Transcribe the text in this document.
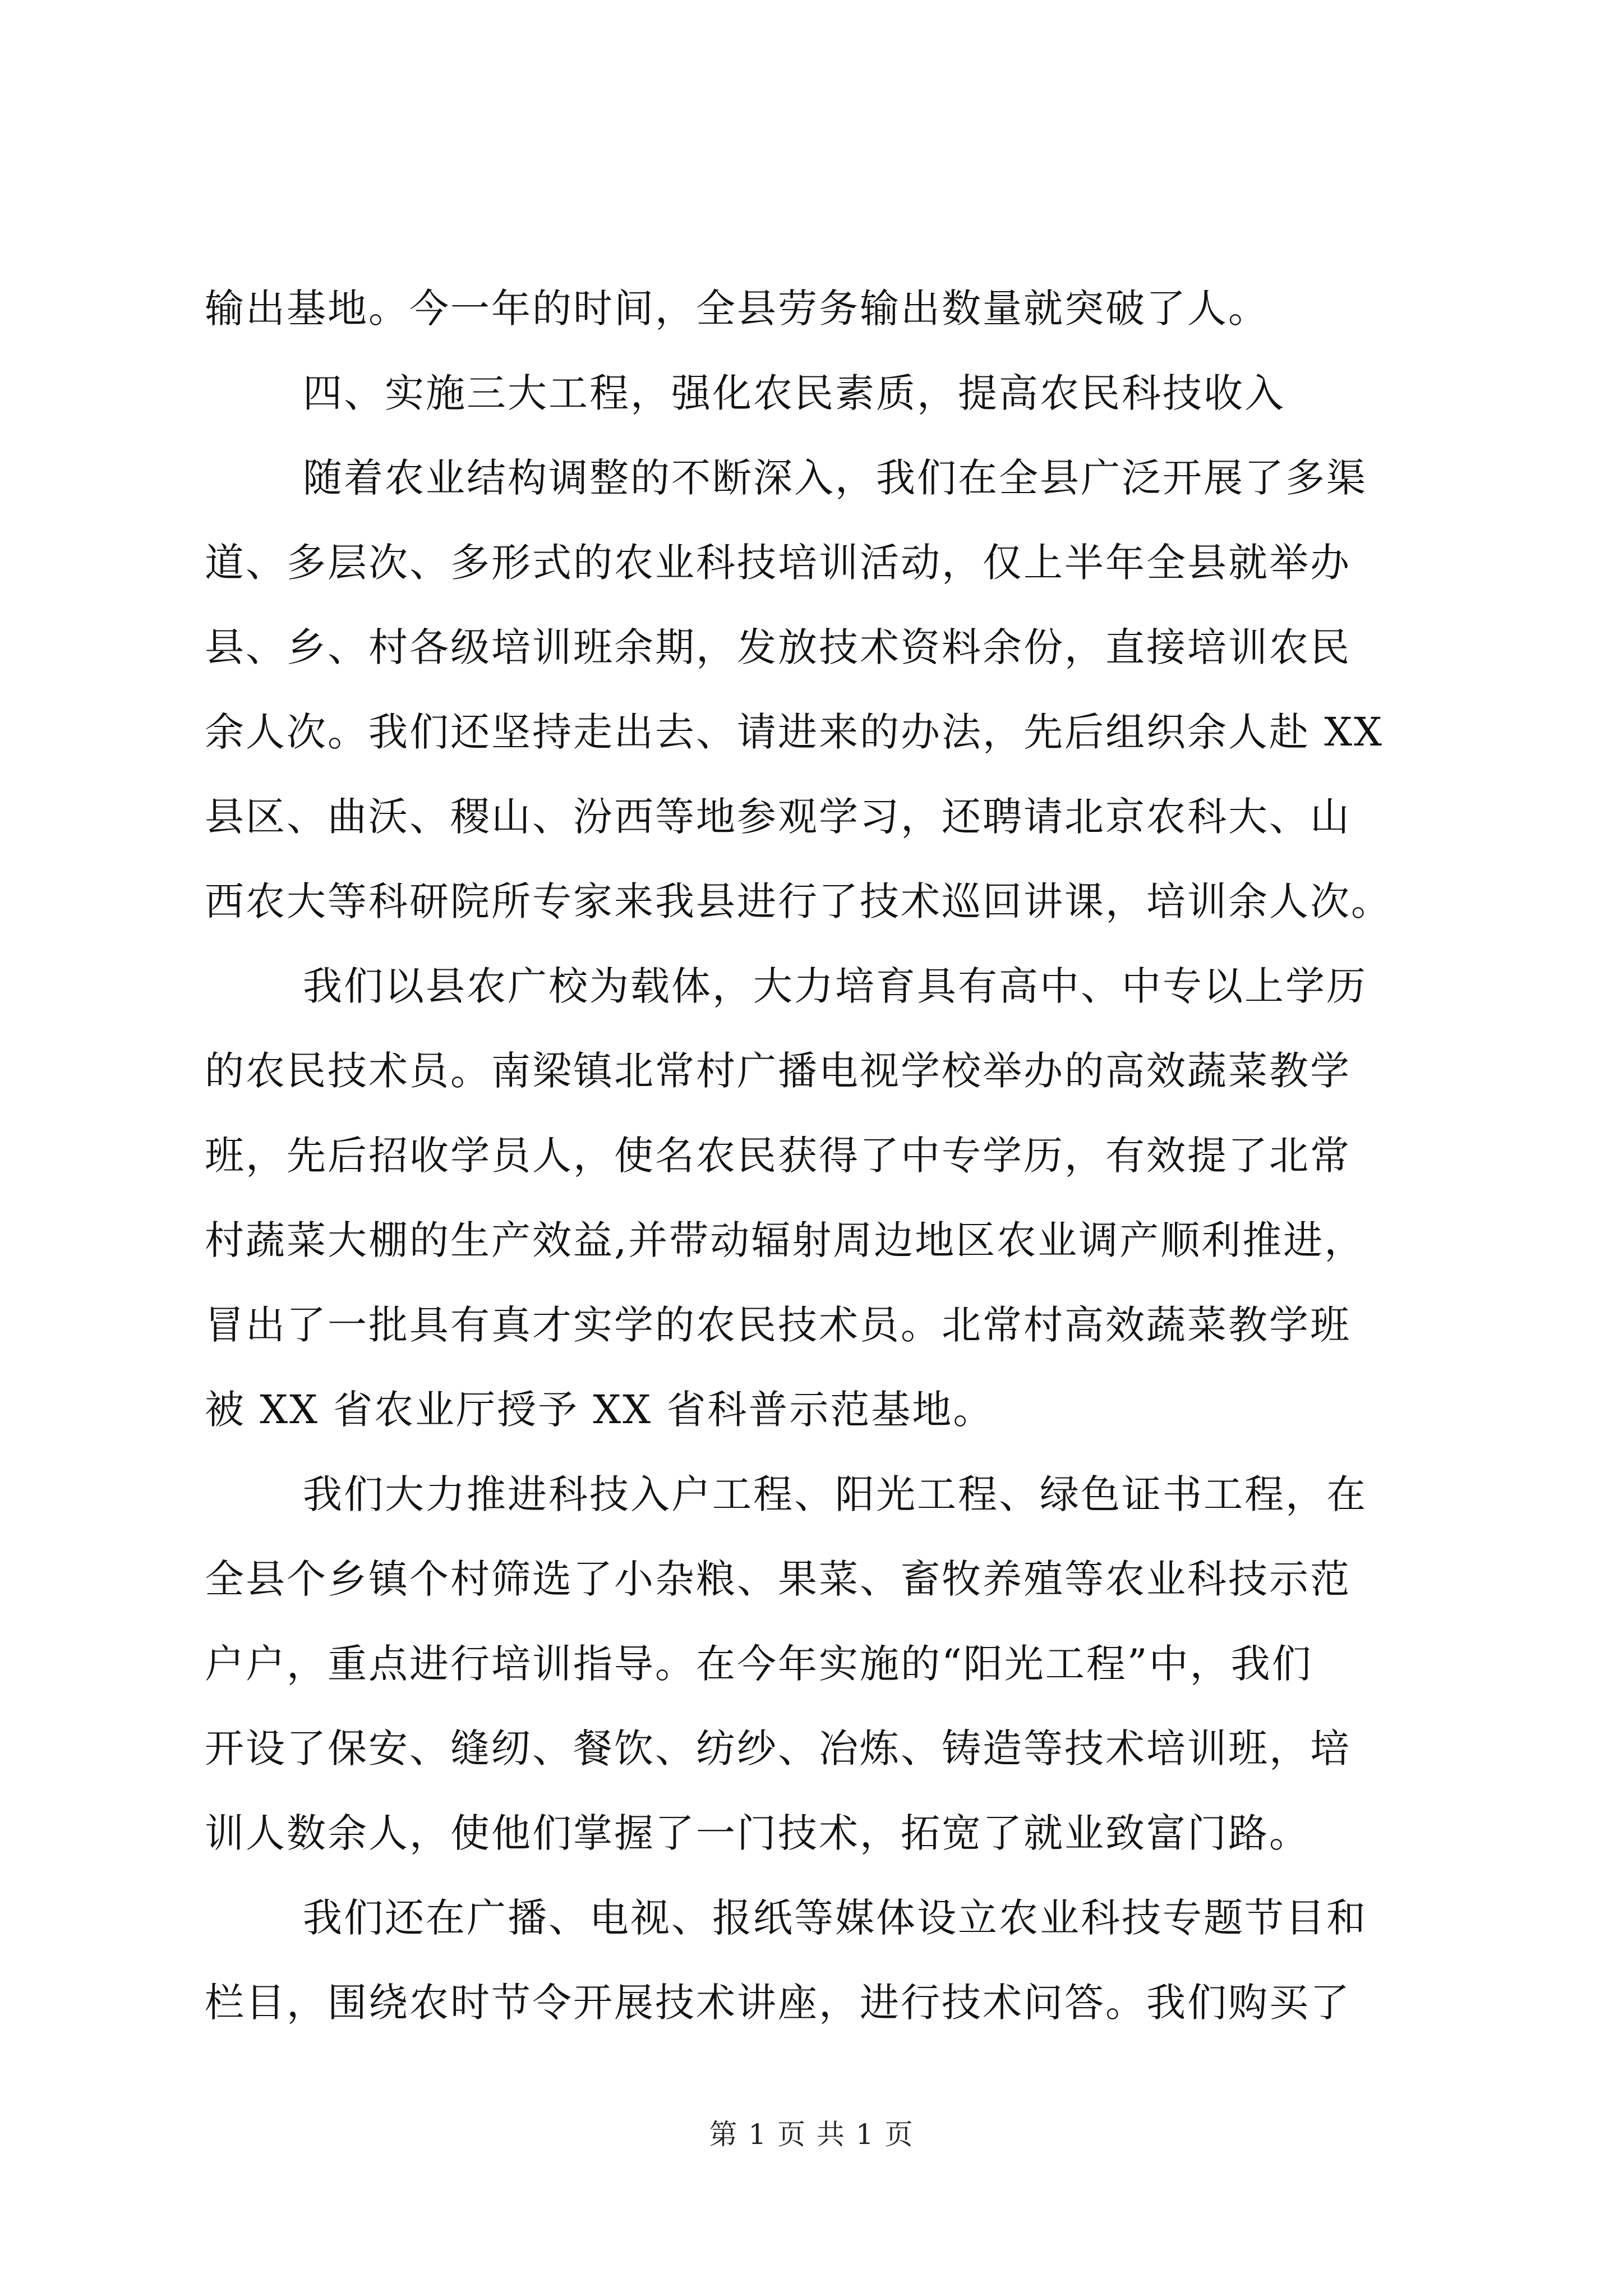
输出基地。今一年的时间，全县劳务输出数量就突破了人。
四、实施三大工程，强化农民素质，提高农民科技收入
随着农业结构调整的不断深入，我们在全县广泛开展了多渠
道、多层次、多形式的农业科技培训活动，仅上半年全县就举办
县、乡、村各级培训班余期，发放技术资料余份，直接培训农民
余人次。我们还坚持走出去、请进来的办法，先后组织余人赴 XX
县区、曲沃、稷山、汾西等地参观学习，还聘请北京农科大、山
西农大等科研院所专家来我县进行了技术巡回讲课，培训余人次。
我们以县农广校为载体，大力培育具有高中、中专以上学历
的农民技术员。南梁镇北常村广播电视学校举办的高效蔬菜教学
班，先后招收学员人，使名农民获得了中专学历，有效提了北常
村蔬菜大棚的生产效益,并带动辐射周边地区农业调产顺利推进，
冒出了一批具有真才实学的农民技术员。北常村高效蔬菜教学班
被 XX 省农业厅授予 XX 省科普示范基地。
我们大力推进科技入户工程、阳光工程、绿色证书工程，在
全县个乡镇个村筛选了小杂粮、果菜、畜牧养殖等农业科技示范
户户，重点进行培训指导。在今年实施的“阳光工程”中，我们
开设了保安、缝纫、餐饮、纺纱、冶炼、铸造等技术培训班，培
训人数余人，使他们掌握了一门技术，拓宽了就业致富门路。
我们还在广播、电视、报纸等媒体设立农业科技专题节目和
栏目，围绕农时节令开展技术讲座，进行技术问答。我们购买了
第 1 页 共 1 页
